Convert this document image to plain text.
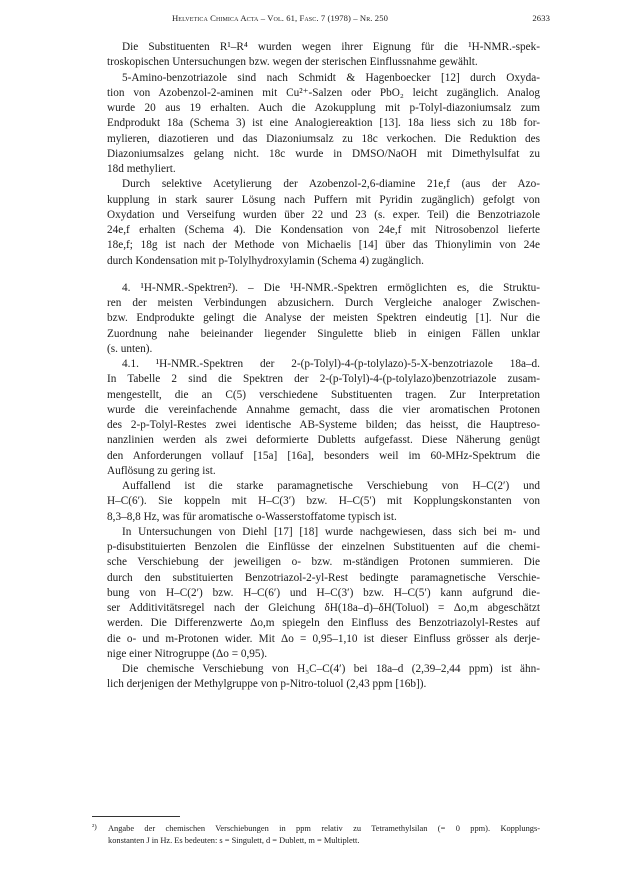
Helvetica Chimica Acta – Vol. 61, Fasc. 7 (1978) – Nr. 250	2633

Die Substituenten R¹–R⁴ wurden wegen ihrer Eignung für die ¹H-NMR.-spek-
troskopischen Untersuchungen bzw. wegen der sterischen Einflussnahme gewählt.

5-Amino-benzotriazole sind nach Schmidt & Hagenboecker [12] durch Oxyda-
tion von Azobenzol-2-aminen mit Cu²⁺-Salzen oder PbO₂ leicht zugänglich. Analog
wurde 20 aus 19 erhalten. Auch die Azokupplung mit p-Tolyl-diazoniumsalz zum
Endprodukt 18a (Schema 3) ist eine Analogiereaktion [13]. 18a liess sich zu 18b for-
mylieren, diazotieren und das Diazoniumsalz zu 18c verkochen. Die Reduktion des
Diazoniumsalzes gelang nicht. 18c wurde in DMSO/NaOH mit Dimethylsulfat zu
18d methyliert.

Durch selektive Acetylierung der Azobenzol-2,6-diamine 21e,f (aus der Azo-
kupplung in stark saurer Lösung nach Puffern mit Pyridin zugänglich) gefolgt von
Oxydation und Verseifung wurden über 22 und 23 (s. exper. Teil) die Benzotriazole
24e,f erhalten (Schema 4). Die Kondensation von 24e,f mit Nitrosobenzol lieferte
18e,f; 18g ist nach der Methode von Michaelis [14] über das Thionylimin von 24e
durch Kondensation mit p-Tolylhydroxylamin (Schema 4) zugänglich.

4. ¹H-NMR.-Spektren²). – Die ¹H-NMR.-Spektren ermöglichten es, die Struktu-
ren der meisten Verbindungen abzusichern. Durch Vergleiche analoger Zwischen-
bzw. Endprodukte gelingt die Analyse der meisten Spektren eindeutig [1]. Nur die
Zuordnung nahe beieinander liegender Singulette blieb in einigen Fällen unklar
(s. unten).

4.1. ¹H-NMR.-Spektren der 2-(p-Tolyl)-4-(p-tolylazo)-5-X-benzotriazole 18a–d.
In Tabelle 2 sind die Spektren der 2-(p-Tolyl)-4-(p-tolylazo)benzotriazole zusam-
mengestellt, die an C(5) verschiedene Substituenten tragen. Zur Interpretation
wurde die vereinfachende Annahme gemacht, dass die vier aromatischen Protonen
des 2-p-Tolyl-Restes zwei identische AB-Systeme bilden; das heisst, die Hauptreso-
nanzlinien werden als zwei deformierte Dubletts aufgefasst. Diese Näherung genügt
den Anforderungen vollauf [15a] [16a], besonders weil im 60-MHz-Spektrum die
Auflösung zu gering ist.

Auffallend ist die starke paramagnetische Verschiebung von H–C(2′) und
H–C(6′). Sie koppeln mit H–C(3′) bzw. H–C(5′) mit Kopplungskonstanten von
8,3–8,8 Hz, was für aromatische o-Wasserstoffatome typisch ist.

In Untersuchungen von Diehl [17] [18] wurde nachgewiesen, dass sich bei m- und
p-disubstituierten Benzolen die Einflüsse der einzelnen Substituenten auf die chemi-
sche Verschiebung der jeweiligen o- bzw. m-ständigen Protonen summieren. Die
durch den substituierten Benzotriazol-2-yl-Rest bedingte paramagnetische Verschie-
bung von H–C(2′) bzw. H–C(6′) und H–C(3′) bzw. H–C(5′) kann aufgrund die-
ser Additivitätsregel nach der Gleichung δH(18a–d)–δH(Toluol) = Δo,m abgeschätzt
werden. Die Differenzwerte Δo,m spiegeln den Einfluss des Benzotriazolyl-Restes auf
die o- und m-Protonen wider. Mit Δo = 0,95–1,10 ist dieser Einfluss grösser als derje-
nige einer Nitrogruppe (Δo = 0,95).

Die chemische Verschiebung von H₃C–C(4′) bei 18a–d (2,39–2,44 ppm) ist ähn-
lich derjenigen der Methylgruppe von p-Nitro-toluol (2,43 ppm [16b]).

²) Angabe der chemischen Verschiebungen in ppm relativ zu Tetramethylsilan (= 0 ppm). Kopplungs-
konstanten J in Hz. Es bedeuten: s = Singulett, d = Dublett, m = Multiplett.
